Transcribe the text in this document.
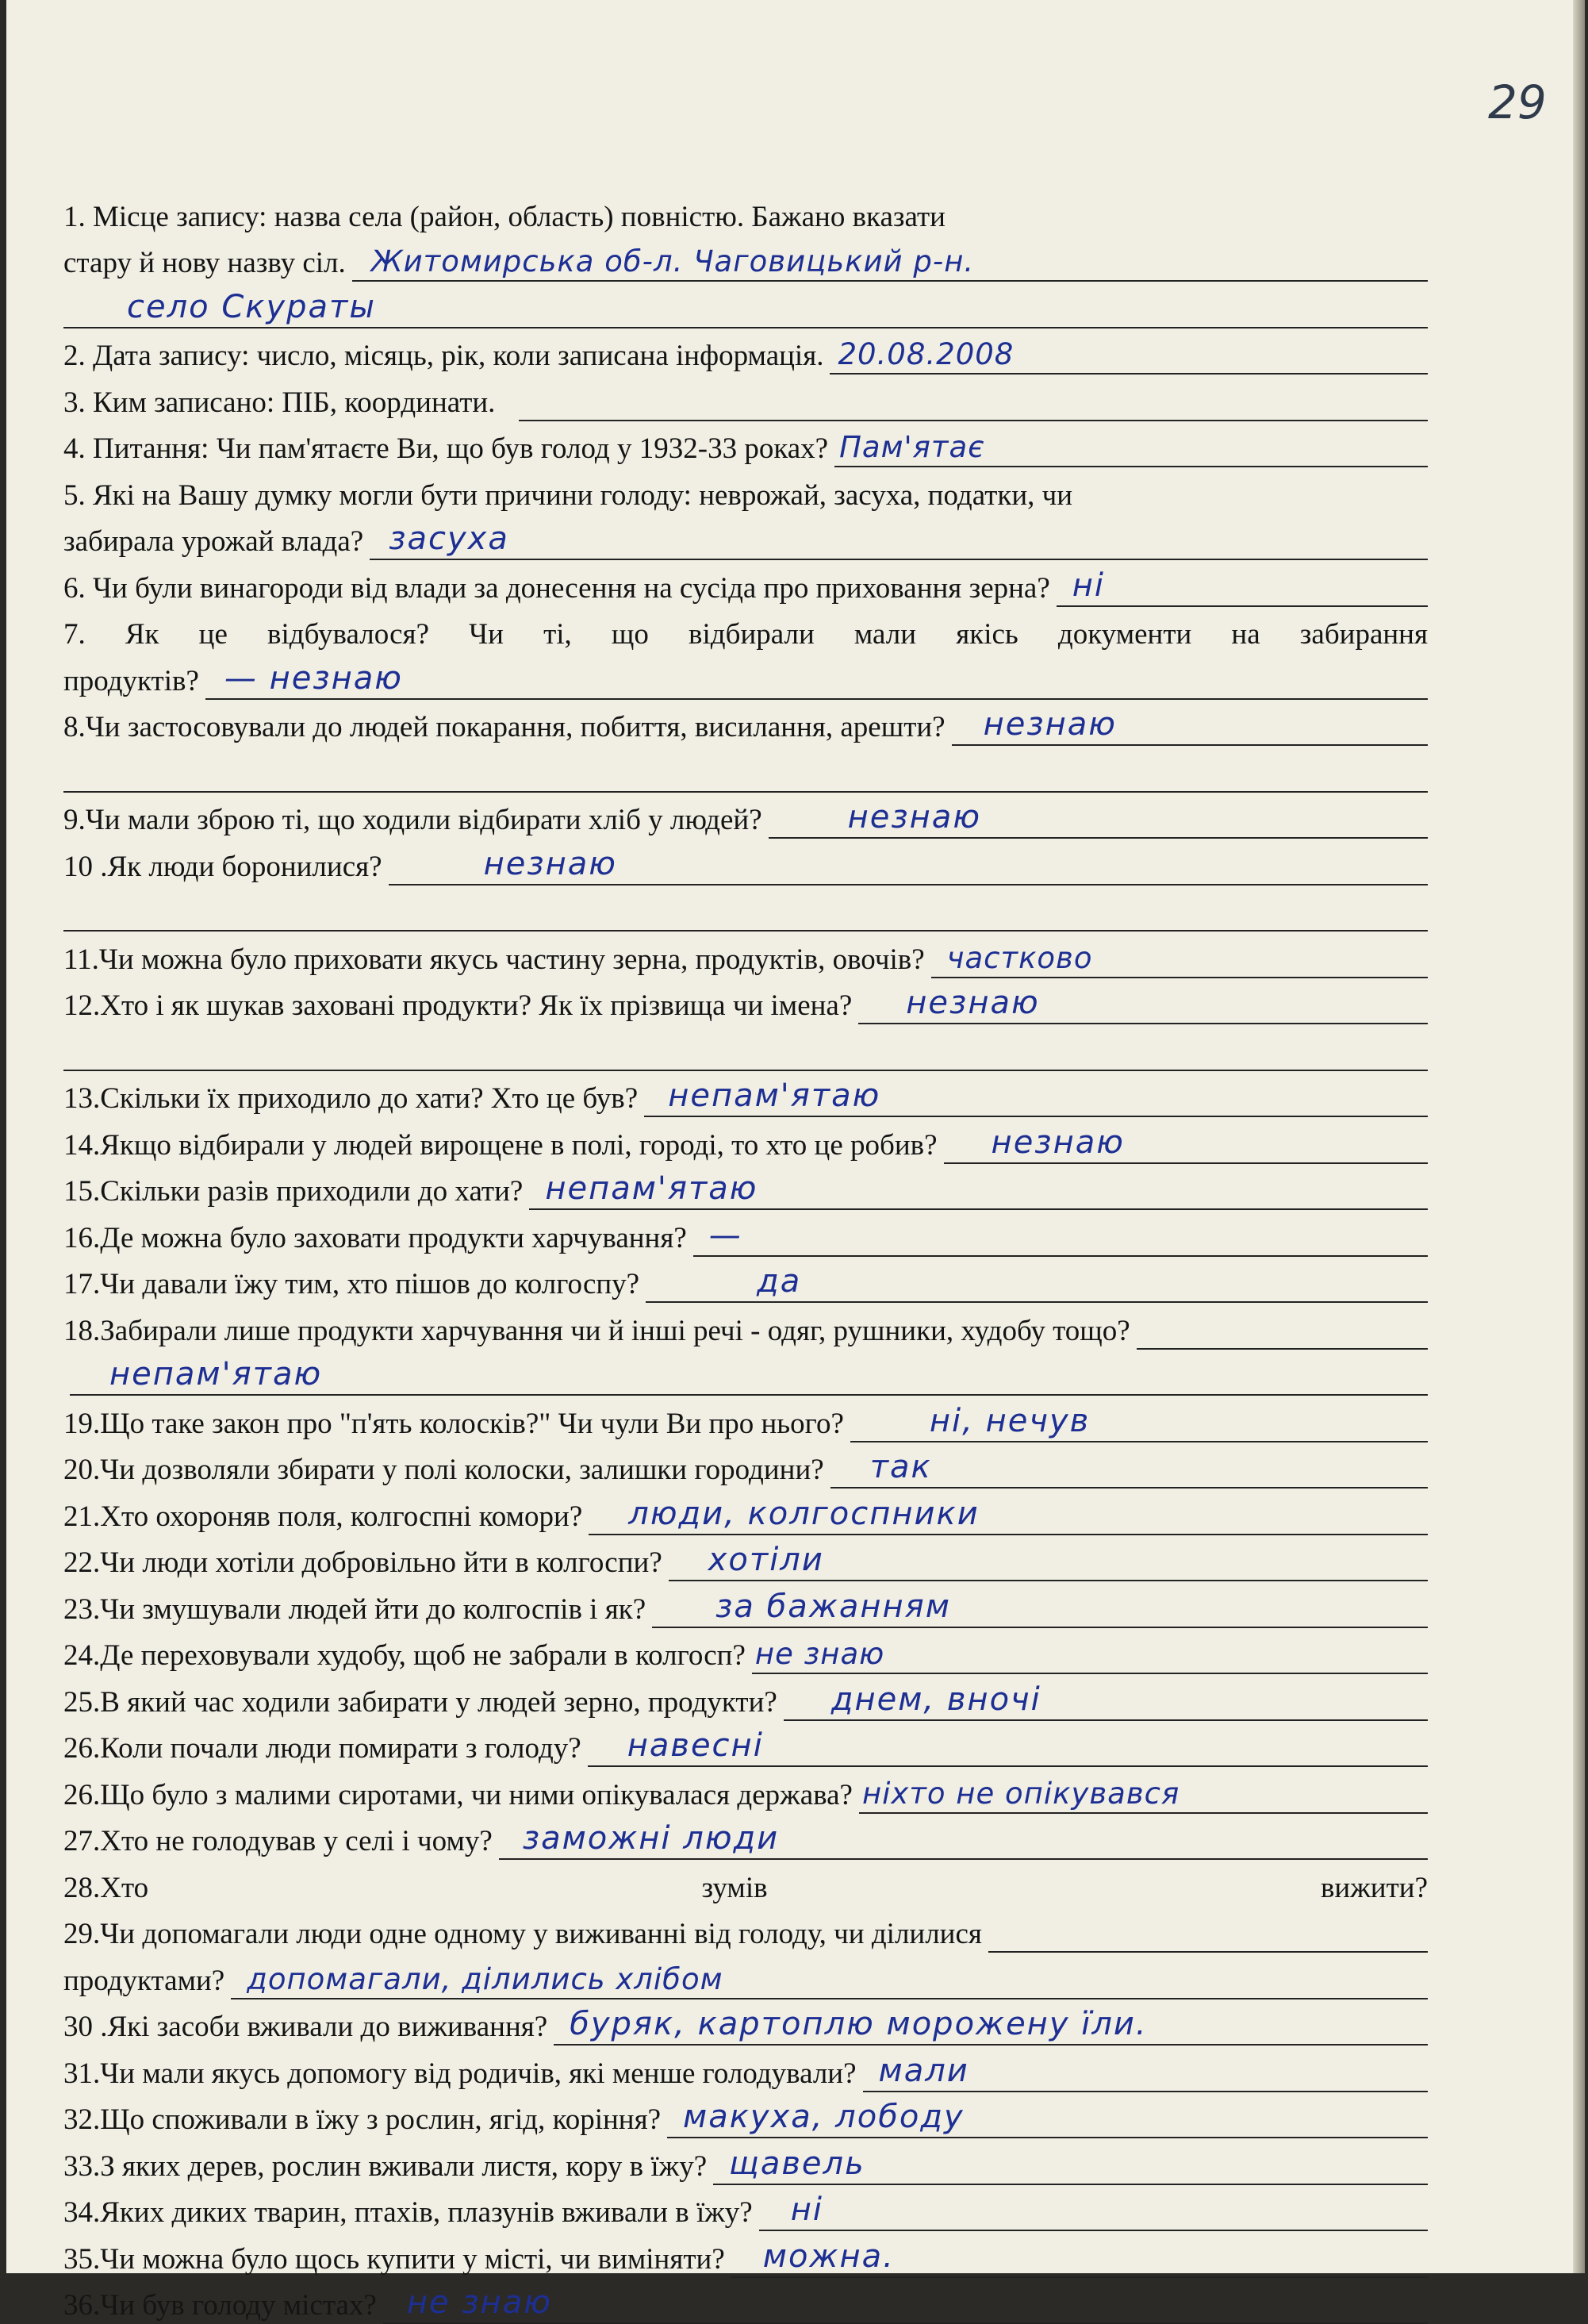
29
1. Місце запису: назва села (район, область) повністю. Бажано вказати
стару й нову назву сіл. Житомирська об-л. Чаговицький р-н.
село Скураты
2. Дата запису: число, місяць, рік, коли записана інформація. 20.08.2008
3. Ким записано: ПІБ, координати.
4. Питання: Чи пам'ятаєте Ви, що був голод у 1932-33 роках? Пам'ятає
5. Які на Вашу думку могли бути причини голоду: неврожай, засуха, податки, чи
забирала урожай влада? засуха
6. Чи були винагороди від влади за донесення на сусіда про приховання зерна? ні
7. Як це відбувалося? Чи ті, що відбирали мали якісь документи на забирання
продуктів? — незнаю
8.Чи застосовували до людей покарання, побиття, висилання, арешти? незнаю
9.Чи мали зброю ті, що ходили відбирати хліб у людей?	незнаю
10 .Як люди боронилися?	незнаю
11.Чи можна було приховати якусь частину зерна, продуктів, овочів? частково
12.Хто і як шукав заховані продукти? Як їх прізвища чи імена? незнаю
13.Скільки їх приходило до хати? Хто це був? непам'ятаю
14.Якщо відбирали у людей вирощене в полі, городі, то хто це робив? незнаю
15.Скільки разів приходили до хати? непам'ятаю
16.Де можна було заховати продукти харчування? —
17.Чи давали їжу тим, хто пішов до колгоспу?	да
18.Забирали лише продукти харчування чи й інші речі - одяг, рушники, худобу тощо?
непам'ятаю
19.Що таке закон про "п'ять колосків?" Чи чули Ви про нього?	ні, нечув
20.Чи дозволяли збирати у полі колоски, залишки городини? так
21.Хто охороняв поля, колгоспні комори? люди, колгоспники
22.Чи люди хотіли добровільно йти в колгоспи? хотіли
23.Чи змушували людей йти до колгоспів і як? за бажанням
24.Де переховували худобу, щоб не забрали в колгосп? не знаю
25.В який час ходили забирати у людей зерно, продукти? днем, вночі
26.Коли почали люди помирати з голоду? навесні
26.Що було з малими сиротами, чи ними опікувалася держава? ніхто не опікувався
27.Хто не голодував у селі і чому? заможні люди
28.Хто зумів вижити?
29.Чи допомагали люди одне одному у виживанні від голоду, чи ділилися
продуктами? допомагали, ділились хлібом
30 .Які засоби вживали до виживання? буряк, картоплю морожену їли.
31.Чи мали якусь допомогу від родичів, які менше голодували? мали
32.Що споживали в їжу з рослин, ягід, коріння? макуха, лободу
33.З яких дерев, рослин вживали листя, кору в їжу? щавель
34.Яких диких тварин, птахів, плазунів вживали в їжу? ні
35.Чи можна було щось купити у місті, чи виміняти? можна.
36.Чи був голоду містах? не знаю
